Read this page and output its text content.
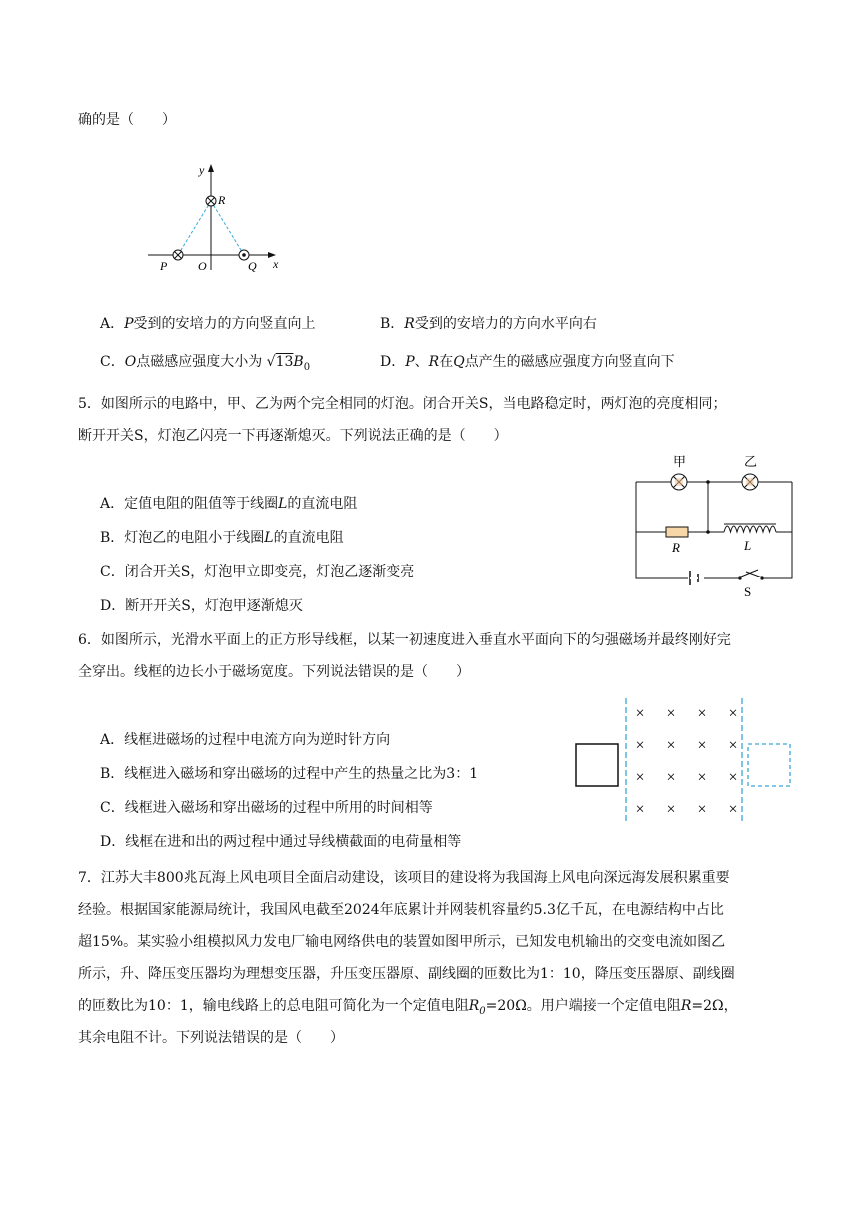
确的是（　　）
y
x
R
P	O	Q
A．P受到的安培力的方向竖直向上	B．R受到的安培力的方向水平向右
C．O点磁感应强度大小为 $√13B_0$	D．P、R在Q点产生的磁感应强度方向竖直向下
5．如图所示的电路中，甲、乙为两个完全相同的灯泡。闭合开关S，当电路稳定时，两灯泡的亮度相同；
断开开关S，灯泡乙闪亮一下再逐渐熄灭。下列说法正确的是（　　）
A．定值电阻的阻值等于线圈L的直流电阻
B．灯泡乙的电阻小于线圈L的直流电阻
C．闭合开关S，灯泡甲立即变亮，灯泡乙逐渐变亮
D．断开开关S，灯泡甲逐渐熄灭
甲	乙
R	L
S
6．如图所示，光滑水平面上的正方形导线框，以某一初速度进入垂直水平面向下的匀强磁场并最终刚好完
全穿出。线框的边长小于磁场宽度。下列说法错误的是（　　）
A．线框进磁场的过程中电流方向为逆时针方向
B．线框进入磁场和穿出磁场的过程中产生的热量之比为3：1
C．线框进入磁场和穿出磁场的过程中所用的时间相等
D．线框在进和出的两过程中通过导线横截面的电荷量相等
× × × ×
× × × ×
× × × ×
× × × ×
7．江苏大丰800兆瓦海上风电项目全面启动建设，该项目的建设将为我国海上风电向深远海发展积累重要
经验。根据国家能源局统计，我国风电截至2024年底累计并网装机容量约5.3亿千瓦，在电源结构中占比
超15%。某实验小组模拟风力发电厂输电网络供电的装置如图甲所示，已知发电机输出的交变电流如图乙
所示，升、降压变压器均为理想变压器，升压变压器原、副线圈的匝数比为1：10，降压变压器原、副线圈
的匝数比为10：1，输电线路上的总电阻可简化为一个定值电阻$R_0=20\Omega$。用户端接一个定值电阻R=2Ω，
其余电阻不计。下列说法错误的是（　　）
